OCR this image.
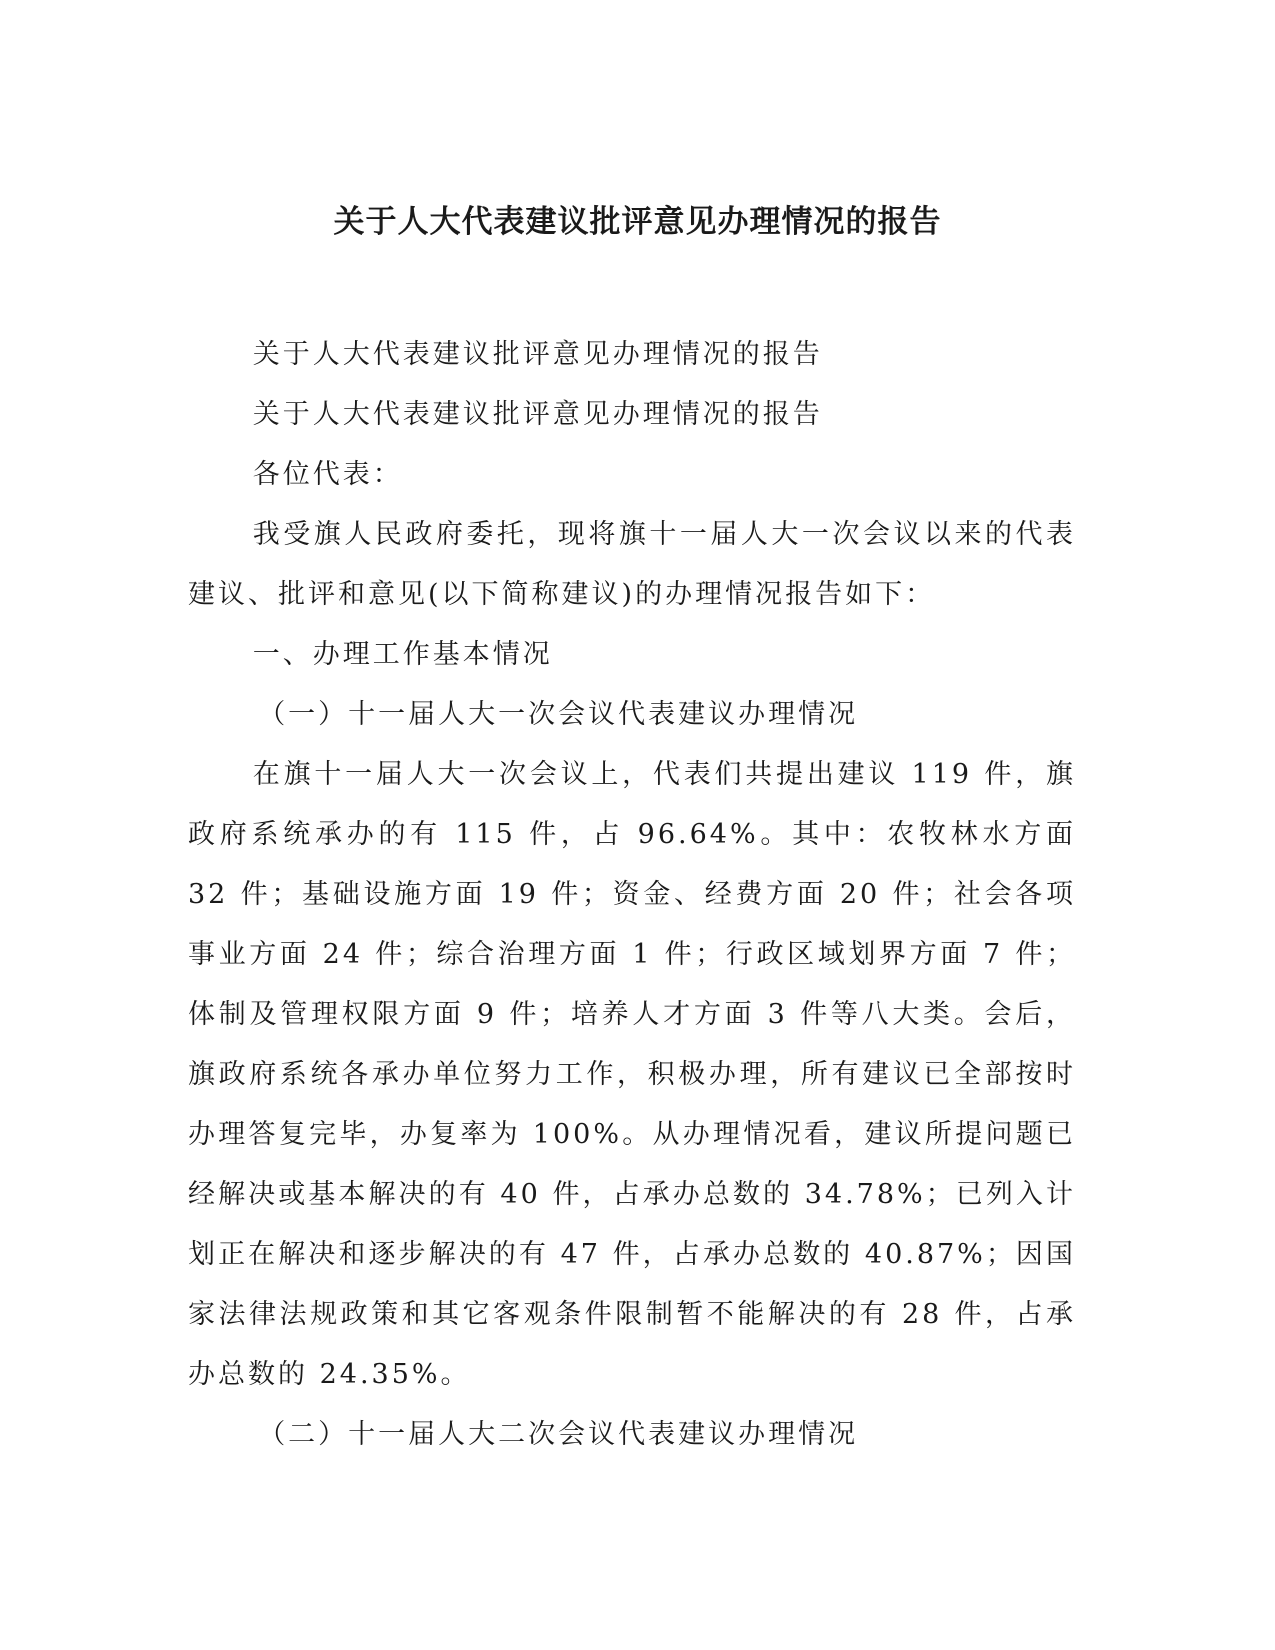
关于人大代表建议批评意见办理情况的报告

关于人大代表建议批评意见办理情况的报告

关于人大代表建议批评意见办理情况的报告

各位代表：

我受旗人民政府委托，现将旗十一届人大一次会议以来的代表建议、批评和意见(以下简称建议)的办理情况报告如下：

一、办理工作基本情况

（一）十一届人大一次会议代表建议办理情况

在旗十一届人大一次会议上，代表们共提出建议 119 件，旗政府系统承办的有 115 件，占 96.64%。其中：农牧林水方面 32 件；基础设施方面 19 件；资金、经费方面 20 件；社会各项事业方面 24 件；综合治理方面 1 件；行政区域划界方面 7 件；体制及管理权限方面 9 件；培养人才方面 3 件等八大类。会后，旗政府系统各承办单位努力工作，积极办理，所有建议已全部按时办理答复完毕，办复率为 100%。从办理情况看，建议所提问题已经解决或基本解决的有 40 件，占承办总数的 34.78%；已列入计划正在解决和逐步解决的有 47 件，占承办总数的 40.87%；因国家法律法规政策和其它客观条件限制暂不能解决的有 28 件，占承办总数的 24.35%。

（二）十一届人大二次会议代表建议办理情况
